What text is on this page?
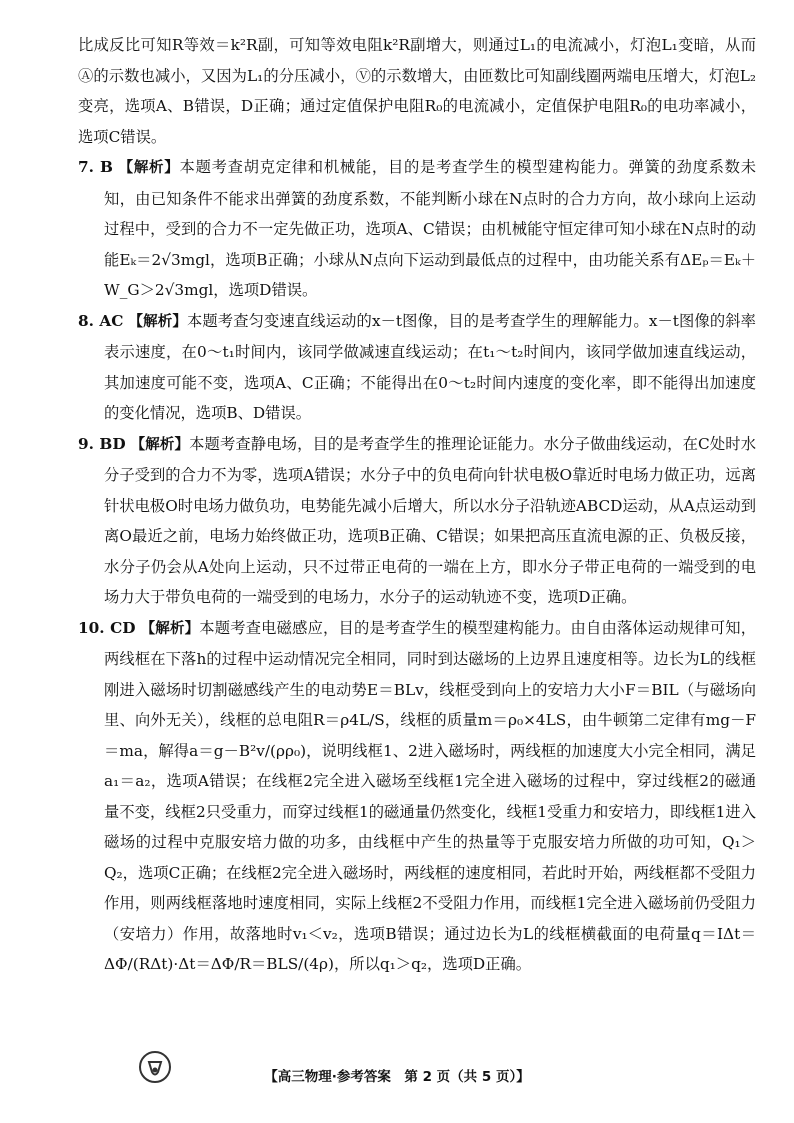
比成反比可知R等效＝k²R副，可知等效电阻k²R副增大，则通过L₁的电流减小，灯泡L₁变暗，从而Ⓐ的示数也减小，又因为L₁的分压减小，Ⓥ的示数增大，由匝数比可知副线圈两端电压增大，灯泡L₂变亮，选项A、B错误，D正确；通过定值保护电阻R₀的电流减小，定值保护电阻R₀的电功率减小，选项C错误。

7. B 【解析】本题考查胡克定律和机械能，目的是考查学生的模型建构能力。弹簧的劲度系数未知，由已知条件不能求出弹簧的劲度系数，不能判断小球在N点时的合力方向，故小球向上运动过程中，受到的合力不一定先做正功，选项A、C错误；由机械能守恒定律可知小球在N点时的动能Eₖ＝2√3mgl，选项B正确；小球从N点向下运动到最低点的过程中，由功能关系有ΔEₚ＝Eₖ＋W_G＞2√3mgl，选项D错误。

8. AC 【解析】本题考查匀变速直线运动的x－t图像，目的是考查学生的理解能力。x－t图像的斜率表示速度，在0～t₁时间内，该同学做减速直线运动；在t₁～t₂时间内，该同学做加速直线运动，其加速度可能不变，选项A、C正确；不能得出在0～t₂时间内速度的变化率，即不能得出加速度的变化情况，选项B、D错误。

9. BD 【解析】本题考查静电场，目的是考查学生的推理论证能力。水分子做曲线运动，在C处时水分子受到的合力不为零，选项A错误；水分子中的负电荷向针状电极O靠近时电场力做正功，远离针状电极O时电场力做负功，电势能先减小后增大，所以水分子沿轨迹ABCD运动，从A点运动到离O最近之前，电场力始终做正功，选项B正确、C错误；如果把高压直流电源的正、负极反接，水分子仍会从A处向上运动，只不过带正电荷的一端在上方，即水分子带正电荷的一端受到的电场力大于带负电荷的一端受到的电场力，水分子的运动轨迹不变，选项D正确。

10. CD 【解析】本题考查电磁感应，目的是考查学生的模型建构能力。由自由落体运动规律可知，两线框在下落h的过程中运动情况完全相同，同时到达磁场的上边界且速度相等。边长为L的线框刚进入磁场时切割磁感线产生的电动势E＝BLv，线框受到向上的安培力大小F＝BIL（与磁场向里、向外无关），线框的总电阻R＝ρ4L/S，线框的质量m＝ρ₀×4LS，由牛顿第二定律有mg－F＝ma，解得a＝g－B²v/(ρρ₀)，说明线框1、2进入磁场时，两线框的加速度大小完全相同，满足a₁＝a₂，选项A错误；在线框2完全进入磁场至线框1完全进入磁场的过程中，穿过线框2的磁通量不变，线框2只受重力，而穿过线框1的磁通量仍然变化，线框1受重力和安培力，即线框1进入磁场的过程中克服安培力做的功多，由线框中产生的热量等于克服安培力所做的功可知，Q₁＞Q₂，选项C正确；在线框2完全进入磁场时，两线框的速度相同，若此时开始，两线框都不受阻力作用，则两线框落地时速度相同，实际上线框2不受阻力作用，而线框1完全进入磁场前仍受阻力（安培力）作用，故落地时v₁＜v₂，选项B错误；通过边长为L的线框横截面的电荷量q＝IΔt＝ΔΦ/(RΔt)·Δt＝ΔΦ/R＝BLS/(4ρ)，所以q₁＞q₂，选项D正确。

【高三物理·参考答案　第 2 页（共 5 页）】
